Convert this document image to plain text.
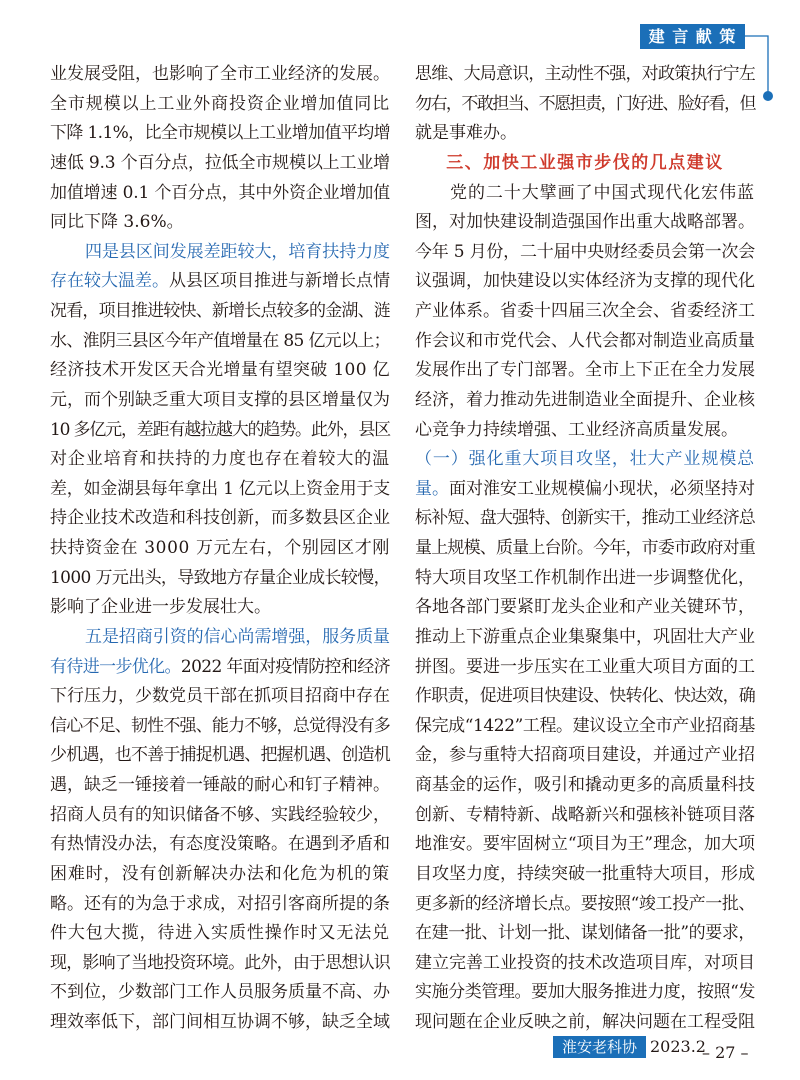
建 言 献 策
业发展受阻，也影响了全市工业经济的发展。
全市规模以上工业外商投资企业增加值同比
下降 1.1%，比全市规模以上工业增加值平均增
速低 9.3 个百分点，拉低全市规模以上工业增
加值增速 0.1 个百分点，其中外资企业增加值
同比下降 3.6%。
四是县区间发展差距较大，培育扶持力度
存在较大温差。从县区项目推进与新增长点情
况看，项目推进较快、新增长点较多的金湖、涟
水、淮阴三县区今年产值增量在 85 亿元以上；
经济技术开发区天合光增量有望突破 100 亿
元，而个别缺乏重大项目支撑的县区增量仅为
10 多亿元，差距有越拉越大的趋势。此外，县区
对企业培育和扶持的力度也存在着较大的温
差，如金湖县每年拿出 1 亿元以上资金用于支
持企业技术改造和科技创新，而多数县区企业
扶持资金在 3000 万元左右，个别园区才刚
1000 万元出头，导致地方存量企业成长较慢，
影响了企业进一步发展壮大。
五是招商引资的信心尚需增强，服务质量
有待进一步优化。2022 年面对疫情防控和经济
下行压力，少数党员干部在抓项目招商中存在
信心不足、韧性不强、能力不够，总觉得没有多
少机遇，也不善于捕捉机遇、把握机遇、创造机
遇，缺乏一锤接着一锤敲的耐心和钉子精神。
招商人员有的知识储备不够、实践经验较少，
有热情没办法，有态度没策略。在遇到矛盾和
困难时，没有创新解决办法和化危为机的策
略。还有的为急于求成，对招引客商所提的条
件大包大揽，待进入实质性操作时又无法兑
现，影响了当地投资环境。此外，由于思想认识
不到位，少数部门工作人员服务质量不高、办
理效率低下，部门间相互协调不够，缺乏全域
思维、大局意识，主动性不强，对政策执行宁左
勿右，不敢担当、不愿担责，门好进、脸好看，但
就是事难办。
三、加快工业强市步伐的几点建议
党的二十大擘画了中国式现代化宏伟蓝
图，对加快建设制造强国作出重大战略部署。
今年 5 月份，二十届中央财经委员会第一次会
议强调，加快建设以实体经济为支撑的现代化
产业体系。省委十四届三次全会、省委经济工
作会议和市党代会、人代会都对制造业高质量
发展作出了专门部署。全市上下正在全力发展
经济，着力推动先进制造业全面提升、企业核
心竞争力持续增强、工业经济高质量发展。
（一）强化重大项目攻坚，壮大产业规模总
量。面对淮安工业规模偏小现状，必须坚持对
标补短、盘大强特、创新实干，推动工业经济总
量上规模、质量上台阶。今年，市委市政府对重
特大项目攻坚工作机制作出进一步调整优化，
各地各部门要紧盯龙头企业和产业关键环节，
推动上下游重点企业集聚集中，巩固壮大产业
拼图。要进一步压实在工业重大项目方面的工
作职责，促进项目快建设、快转化、快达效，确
保完成“1422”工程。建议设立全市产业招商基
金，参与重特大招商项目建设，并通过产业招
商基金的运作，吸引和撬动更多的高质量科技
创新、专精特新、战略新兴和强核补链项目落
地淮安。要牢固树立“项目为王”理念，加大项
目攻坚力度，持续突破一批重特大项目，形成
更多新的经济增长点。要按照“竣工投产一批、
在建一批、计划一批、谋划储备一批”的要求，
建立完善工业投资的技术改造项目库，对项目
实施分类管理。要加大服务推进力度，按照“发
现问题在企业反映之前，解决问题在工程受阻
淮安老科协 2023.2
– 27 –
